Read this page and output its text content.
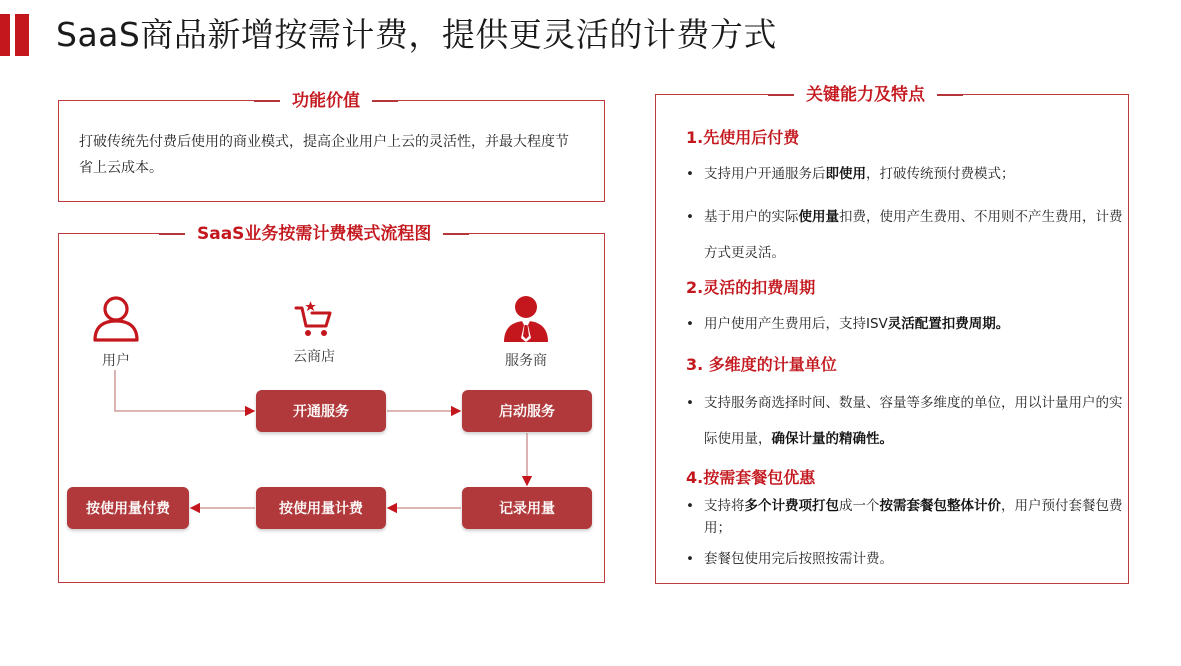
SaaS商品新增按需计费，提供更灵活的计费方式
功能价值
打破传统先付费后使用的商业模式，提高企业用户上云的灵活性，并最大程度节省上云成本。
SaaS业务按需计费模式流程图
用户	云商店	服务商
开通服务	启动服务
记录用量
按使用量计费
按使用量付费
关键能力及特点
1.先使用后付费
• 支持用户开通服务后即使用，打破传统预付费模式；
• 基于用户的实际使用量扣费，使用产生费用、不用则不产生费用，计费方式更灵活。
2.灵活的扣费周期
• 用户使用产生费用后，支持ISV灵活配置扣费周期。
3. 多维度的计量单位
• 支持服务商选择时间、数量、容量等多维度的单位，用以计量用户的实际使用量，确保计量的精确性。
4.按需套餐包优惠
• 支持将多个计费项打包成一个按需套餐包整体计价，用户预付套餐包费用；
• 套餐包使用完后按照按需计费。
